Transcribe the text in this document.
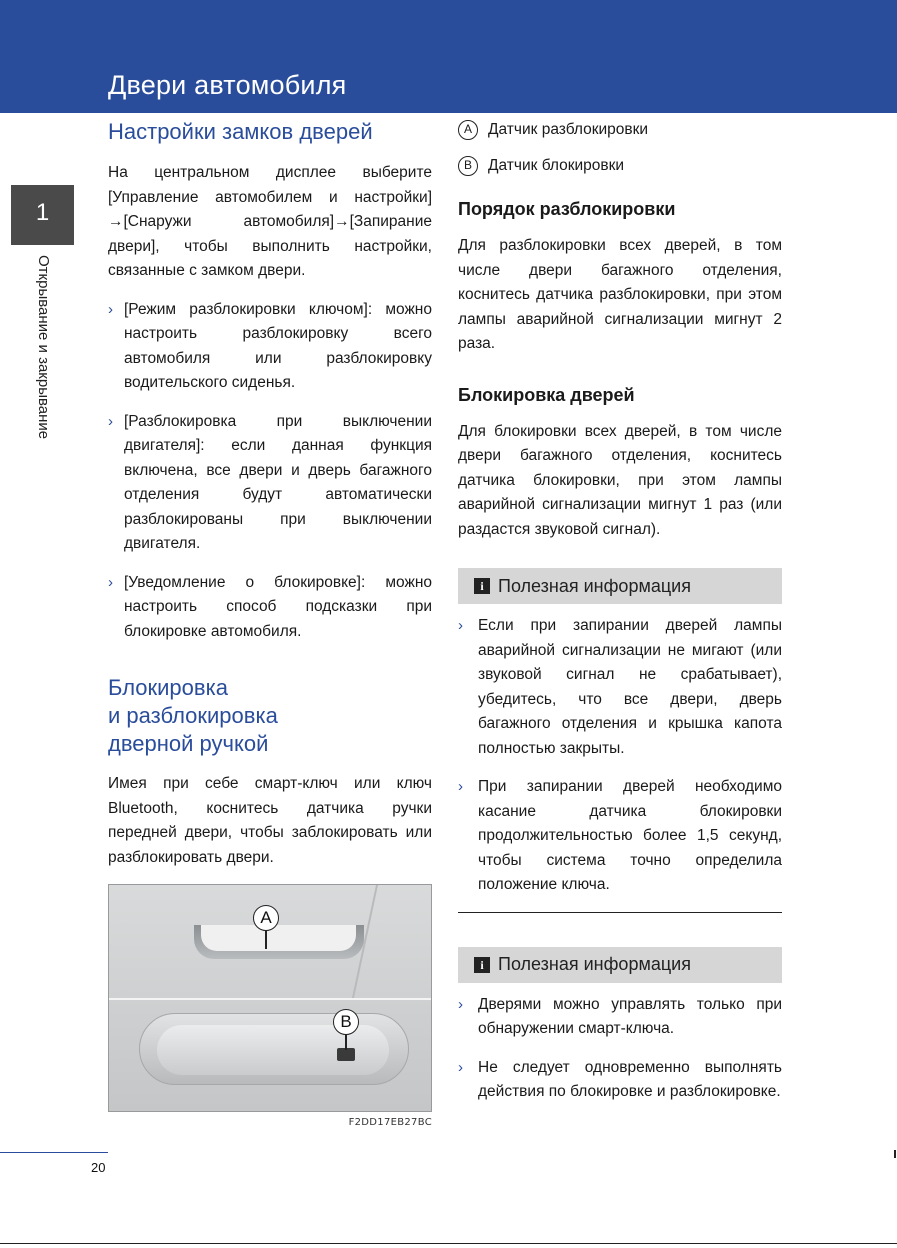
Двери автомобиля
1
Открывание и закрывание
Настройки замков дверей

На центральном дисплее выберите [Управление автомобилем и настройки] →[Снаружи автомобиля]→[Запирание двери], чтобы выполнить настройки, связанные с замком двери.

› [Режим разблокировки ключом]: можно настроить разблокировку всего автомобиля или разблокировку водительского сиденья.
› [Разблокировка при выключении двигателя]: если данная функция включена, все двери и дверь багажного отделения будут автоматически разблокированы при выключении двигателя.
› [Уведомление о блокировке]: можно настроить способ подсказки при блокировке автомобиля.
Блокировка
и разблокировка
дверной ручкой

Имея при себе смарт-ключ или ключ Bluetooth, коснитесь датчика ручки передней двери, чтобы заблокировать или разблокировать двери.

A
B
F2DD17EB27BC
A	Датчик разблокировки
B	Датчик блокировки
Порядок разблокировки

Для разблокировки всех дверей, в том числе двери багажного отделения, коснитесь датчика разблокировки, при этом лампы аварийной сигнализации мигнут 2 раза.

Блокировка дверей

Для блокировки всех дверей, в том числе двери багажного отделения, коснитесь датчика блокировки, при этом лампы аварийной сигнализации мигнут 1 раз (или раздастся звуковой сигнал).

i Полезная информация
› Если при запирании дверей лампы аварийной сигнализации не мигают (или звуковой сигнал не срабатывает), убедитесь, что все двери, дверь багажного отделения и крышка капота полностью закрыты.
› При запирании дверей необходимо касание датчика блокировки продолжительностью более 1,5 секунд, чтобы система точно определила положение ключа.
i Полезная информация
› Дверями можно управлять только при обнаружении смарт-ключа.
› Не следует одновременно выполнять действия по блокировке и разблокировке.
20
